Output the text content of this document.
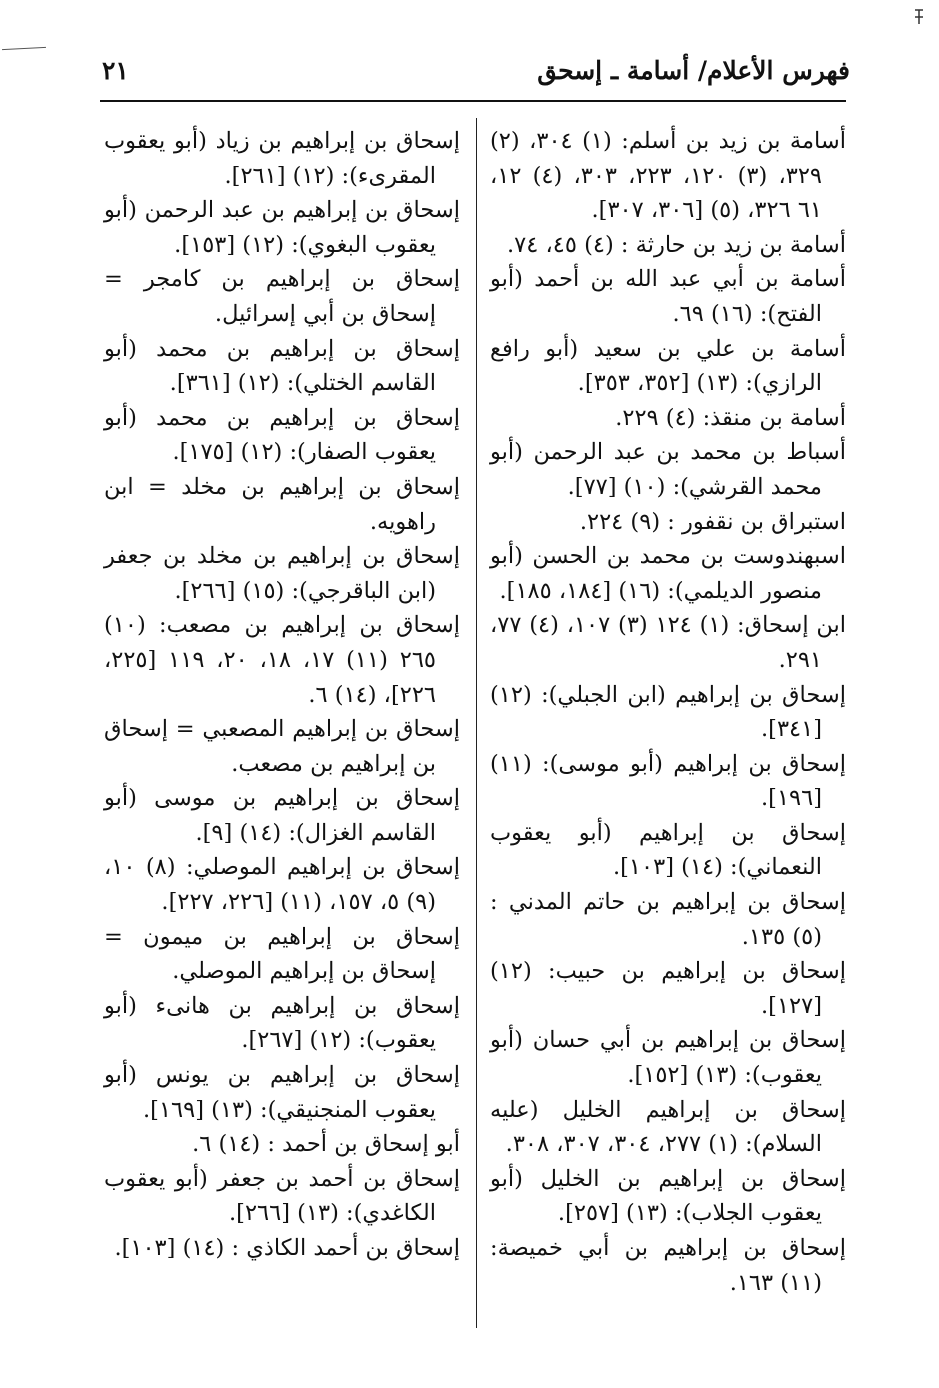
فهرس الأعلام/ أسامة ـ إسحق
٢١

أسامة بن زيد بن أسلم: (١) ٣٠٤، (٢) ٣٢٩، (٣) ١٢٠، ٢٢٣، ٣٠٣، (٤) ١٢، ٦١ ٣٢٦، (٥) [٣٠٦، ٣٠٧].

أسامة بن زيد بن حارثة : (٤) ٤٥، ٧٤.

أسامة بن أبي عبد الله بن أحمد (أبو الفتح): (١٦) ٦٩.

أسامة بن علي بن سعيد (أبو رافع الرازي): (١٣) [٣٥٢، ٣٥٣].

أسامة بن منقذ: (٤) ٢٢٩.

أسباط بن محمد بن عبد الرحمن (أبو محمد القرشي): (١٠) [٧٧].

استبراق بن نقفور : (٩) ٢٢٤.

اسبهندوست بن محمد بن الحسن (أبو منصور الديلمي): (١٦) [١٨٤، ١٨٥].

ابن إسحاق: (١) ١٢٤ (٣) ١٠٧، (٤) ٧٧، ٢٩١.

إسحاق بن إبراهيم (ابن الجبلي): (١٢) [٣٤١].

إسحاق بن إبراهيم (أبو موسى): (١١) [١٩٦].

إسحاق بن إبراهيم (أبو يعقوب النعماني): (١٤) [١٠٣].

إسحاق بن إبراهيم بن حاتم المدني : (٥) ١٣٥.

إسحاق بن إبراهيم بن حبيب: (١٢) [١٢٧].

إسحاق بن إبراهيم بن أبي حسان (أبو يعقوب): (١٣) [١٥٢].

إسحاق بن إبراهيم الخليل (عليه السلام): (١) ٢٧٧، ٣٠٤، ٣٠٧، ٣٠٨.

إسحاق بن إبراهيم بن الخليل (أبو يعقوب الجلاب): (١٣) [٢٥٧].

إسحاق بن إبراهيم بن أبي خميصة: (١١) ١٦٣.

إسحاق بن إبراهيم بن زياد (أبو يعقوب المقرىء): (١٢) [٢٦١].

إسحاق بن إبراهيم بن عبد الرحمن (أبو يعقوب البغوي): (١٢) [١٥٣].

إسحاق بن إبراهيم بن كامجر = إسحاق بن أبي إسرائيل.

إسحاق بن إبراهيم بن محمد (أبو القاسم الختلي): (١٢) [٣٦١].

إسحاق بن إبراهيم بن محمد (أبو يعقوب الصفار): (١٢) [١٧٥].

إسحاق بن إبراهيم بن مخلد = ابن راهويه.

إسحاق بن إبراهيم بن مخلد بن جعفر (ابن الباقرجي): (١٥) [٢٦٦].

إسحاق بن إبراهيم بن مصعب: (١٠) ٢٦٥ (١١) ١٧، ١٨، ٢٠، ١١٩ [٢٢٥، ٢٢٦]، (١٤) ٦.

إسحاق بن إبراهيم المصعبي = إسحاق بن إبراهيم بن مصعب.

إسحاق بن إبراهيم بن موسى (أبو القاسم الغزال): (١٤) [٩].

إسحاق بن إبراهيم الموصلي: (٨) ١٠، (٩) ٥، ١٥٧، (١١) [٢٢٦، ٢٢٧].

إسحاق بن إبراهيم بن ميمون = إسحاق بن إبراهيم الموصلي.

إسحاق بن إبراهيم بن هانىء (أبو يعقوب): (١٢) [٢٦٧].

إسحاق بن إبراهيم بن يونس (أبو يعقوب المنجنيقي): (١٣) [١٦٩].

أبو إسحاق بن أحمد : (١٤) ٦.

إسحاق بن أحمد بن جعفر (أبو يعقوب الكاغدي): (١٣) [٢٦٦].

إسحاق بن أحمد الكاذي : (١٤) [١٠٣].
